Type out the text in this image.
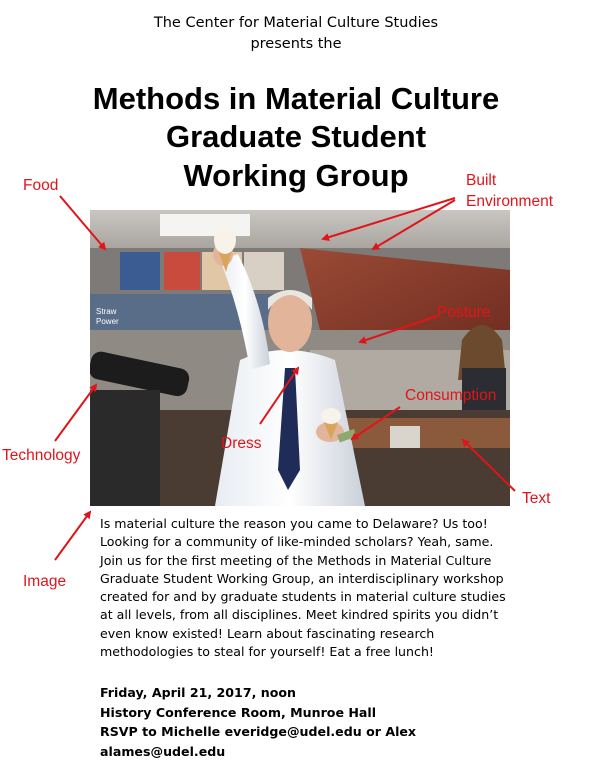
The Center for Material Culture Studies
presents the
Methods in Material Culture
Graduate Student
Working Group
Straw
Power
Food	Built
Environment
Posture
Consumption
Dress
Technology
Text
Image
Is material culture the reason you came to Delaware? Us too!
Looking for a community of like-minded scholars? Yeah, same.
Join us for the first meeting of the Methods in Material Culture
Graduate Student Working Group, an interdisciplinary workshop
created for and by graduate students in material culture studies
at all levels, from all disciplines. Meet kindred spirits you didn’t
even know existed! Learn about fascinating research
methodologies to steal for yourself! Eat a free lunch!
Friday, April 21, 2017, noon
History Conference Room, Munroe Hall
RSVP to Michelle everidge@udel.edu or Alex
alames@udel.edu
